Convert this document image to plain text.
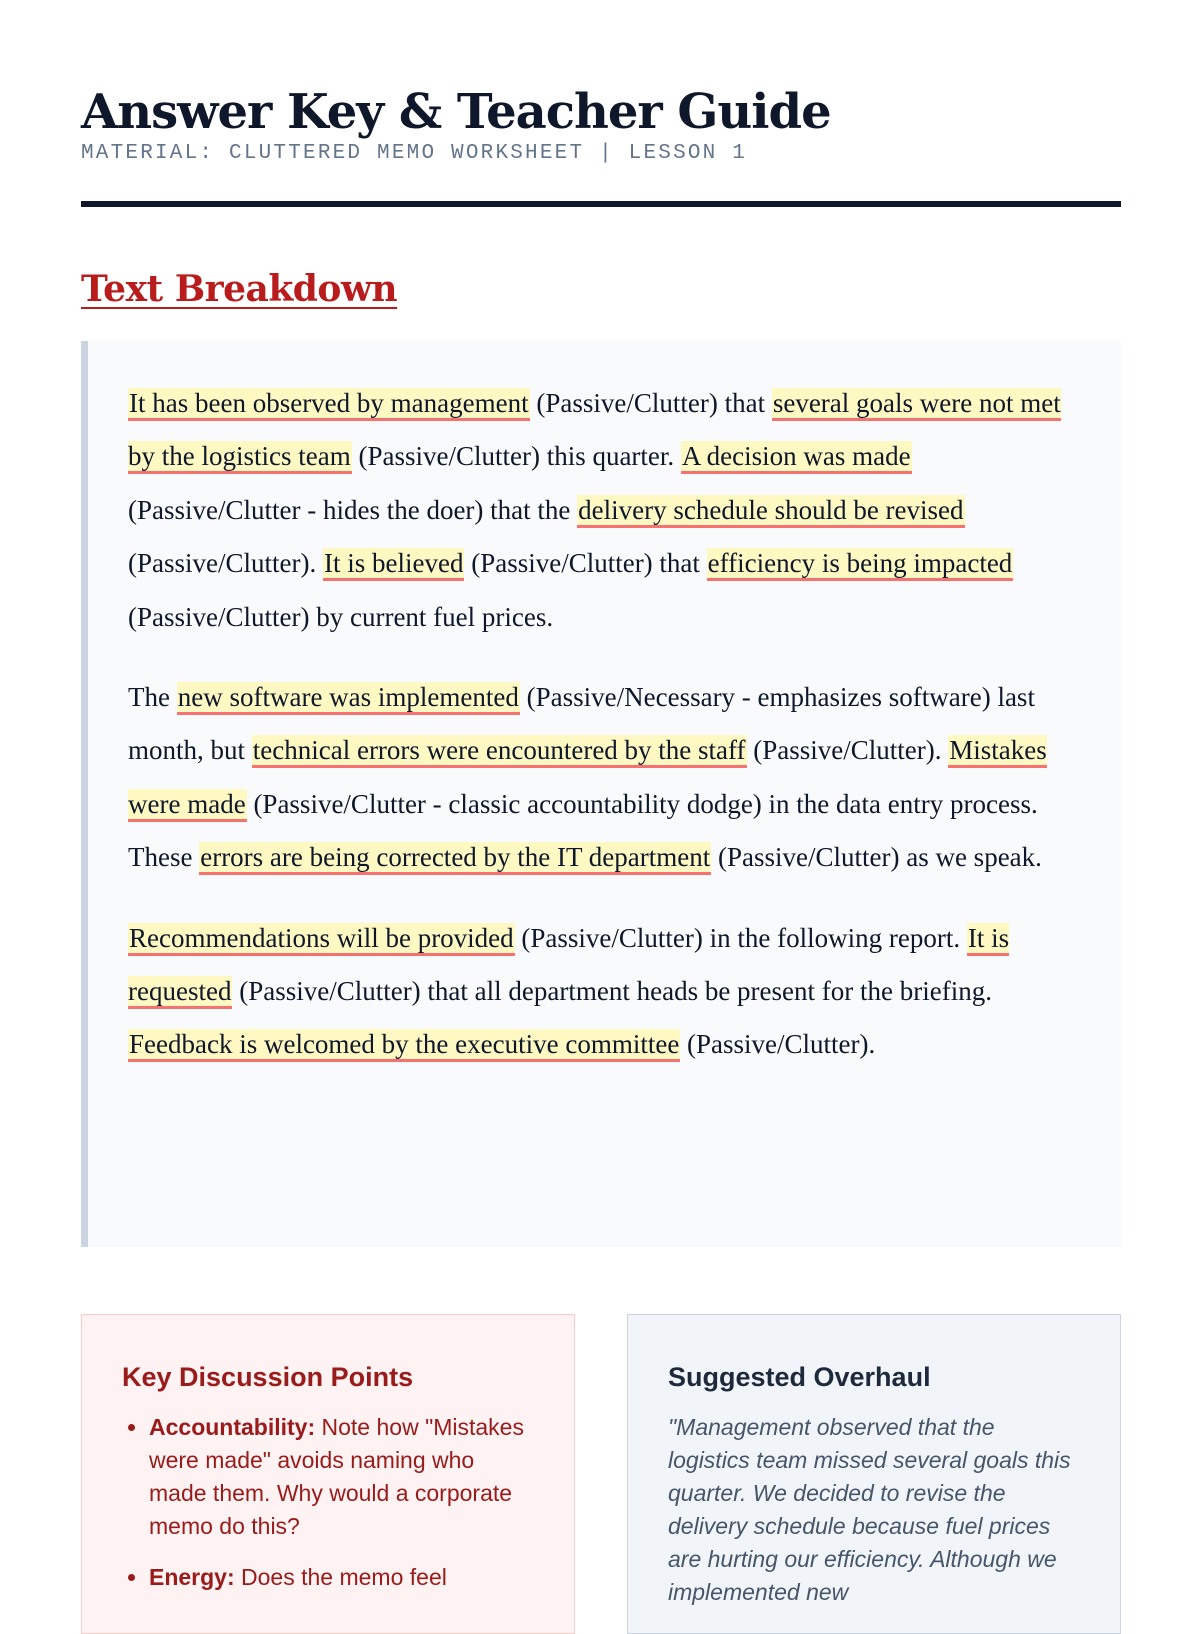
Answer Key & Teacher Guide
MATERIAL: CLUTTERED MEMO WORKSHEET | LESSON 1
Text Breakdown

It has been observed by management (Passive/Clutter) that several goals were not met by the logistics team (Passive/Clutter) this quarter. A decision was made (Passive/Clutter - hides the doer) that the delivery schedule should be revised (Passive/Clutter). It is believed (Passive/Clutter) that efficiency is being impacted (Passive/Clutter) by current fuel prices.

The new software was implemented (Passive/Necessary - emphasizes software) last month, but technical errors were encountered by the staff (Passive/Clutter). Mistakes were made (Passive/Clutter - classic accountability dodge) in the data entry process. These errors are being corrected by the IT department (Passive/Clutter) as we speak.

Recommendations will be provided (Passive/Clutter) in the following report. It is requested (Passive/Clutter) that all department heads be present for the briefing. Feedback is welcomed by the executive committee (Passive/Clutter).

Key Discussion Points
• Accountability: Note how "Mistakes were made" avoids naming who made them. Why would a corporate memo do this?
• Energy: Does the memo feel
Suggested Overhaul

"Management observed that the logistics team missed several goals this quarter. We decided to revise the delivery schedule because fuel prices are hurting our efficiency. Although we implemented new
